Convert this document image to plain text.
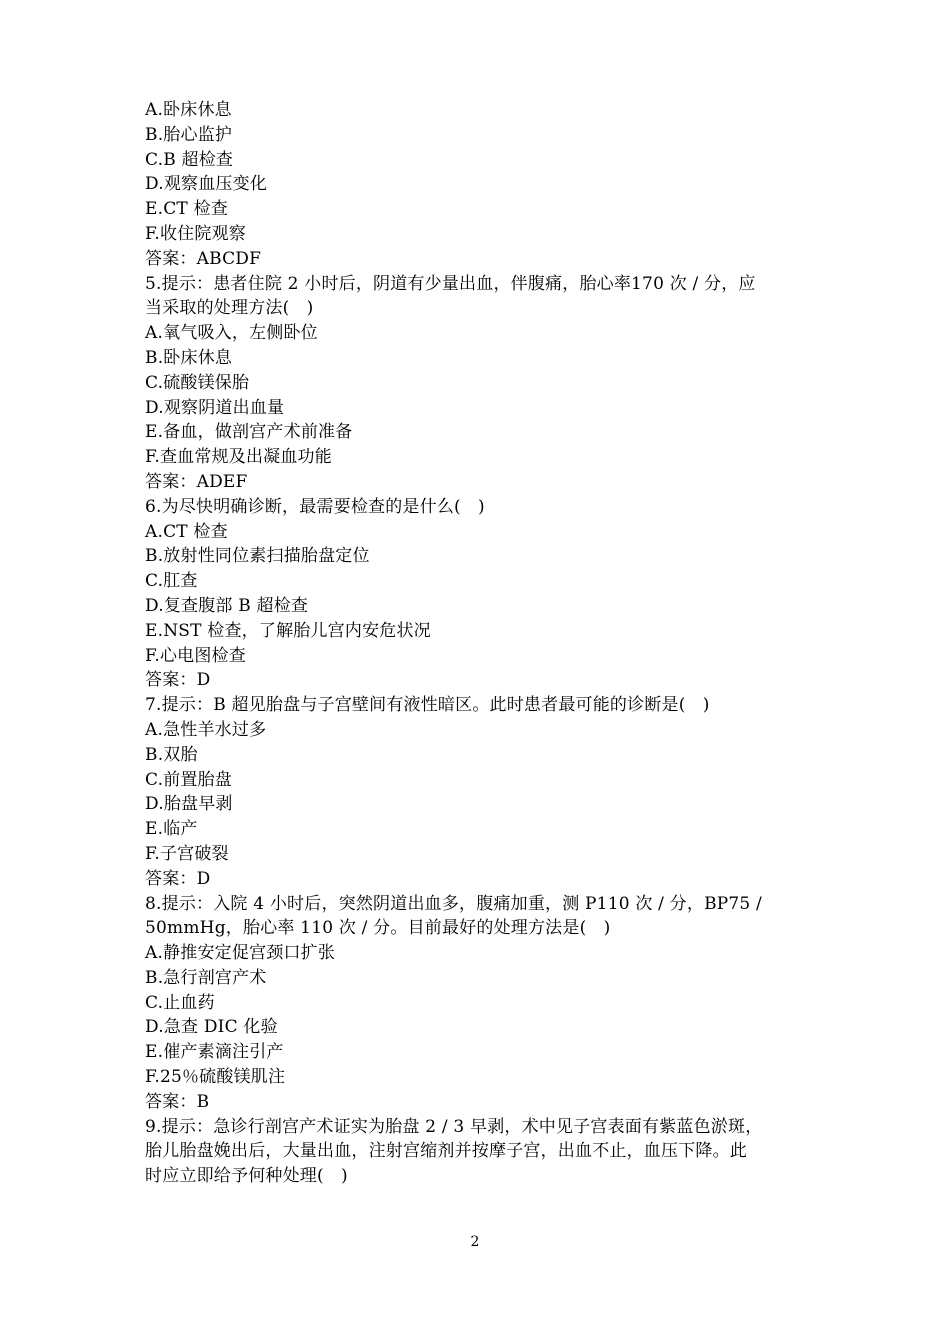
A.卧床休息
B.胎心监护
C.B 超检查
D.观察血压变化
E.CT 检查
F.收住院观察
答案：ABCDF
5.提示：患者住院 2 小时后，阴道有少量出血，伴腹痛，胎心率170 次 / 分，应
当采取的处理方法(　)
A.氧气吸入，左侧卧位
B.卧床休息
C.硫酸镁保胎
D.观察阴道出血量
E.备血，做剖宫产术前准备
F.查血常规及出凝血功能
答案：ADEF
6.为尽快明确诊断，最需要检查的是什么(　)
A.CT 检查
B.放射性同位素扫描胎盘定位
C.肛查
D.复查腹部 B 超检查
E.NST 检查，了解胎儿宫内安危状况
F.心电图检查
答案：D
7.提示：B 超见胎盘与子宫壁间有液性暗区。此时患者最可能的诊断是(　)
A.急性羊水过多
B.双胎
C.前置胎盘
D.胎盘早剥
E.临产
F.子宫破裂
答案：D
8.提示：入院 4 小时后，突然阴道出血多，腹痛加重，测 P110 次 / 分，BP75 /
50mmHg，胎心率 110 次 / 分。目前最好的处理方法是(　)
A.静推安定促宫颈口扩张
B.急行剖宫产术
C.止血药
D.急查 DIC 化验
E.催产素滴注引产
F.25％硫酸镁肌注
答案：B
9.提示：急诊行剖宫产术证实为胎盘 2 / 3 早剥，术中见子宫表面有紫蓝色淤斑，
胎儿胎盘娩出后，大量出血，注射宫缩剂并按摩子宫，出血不止，血压下降。此
时应立即给予何种处理(　)
2
